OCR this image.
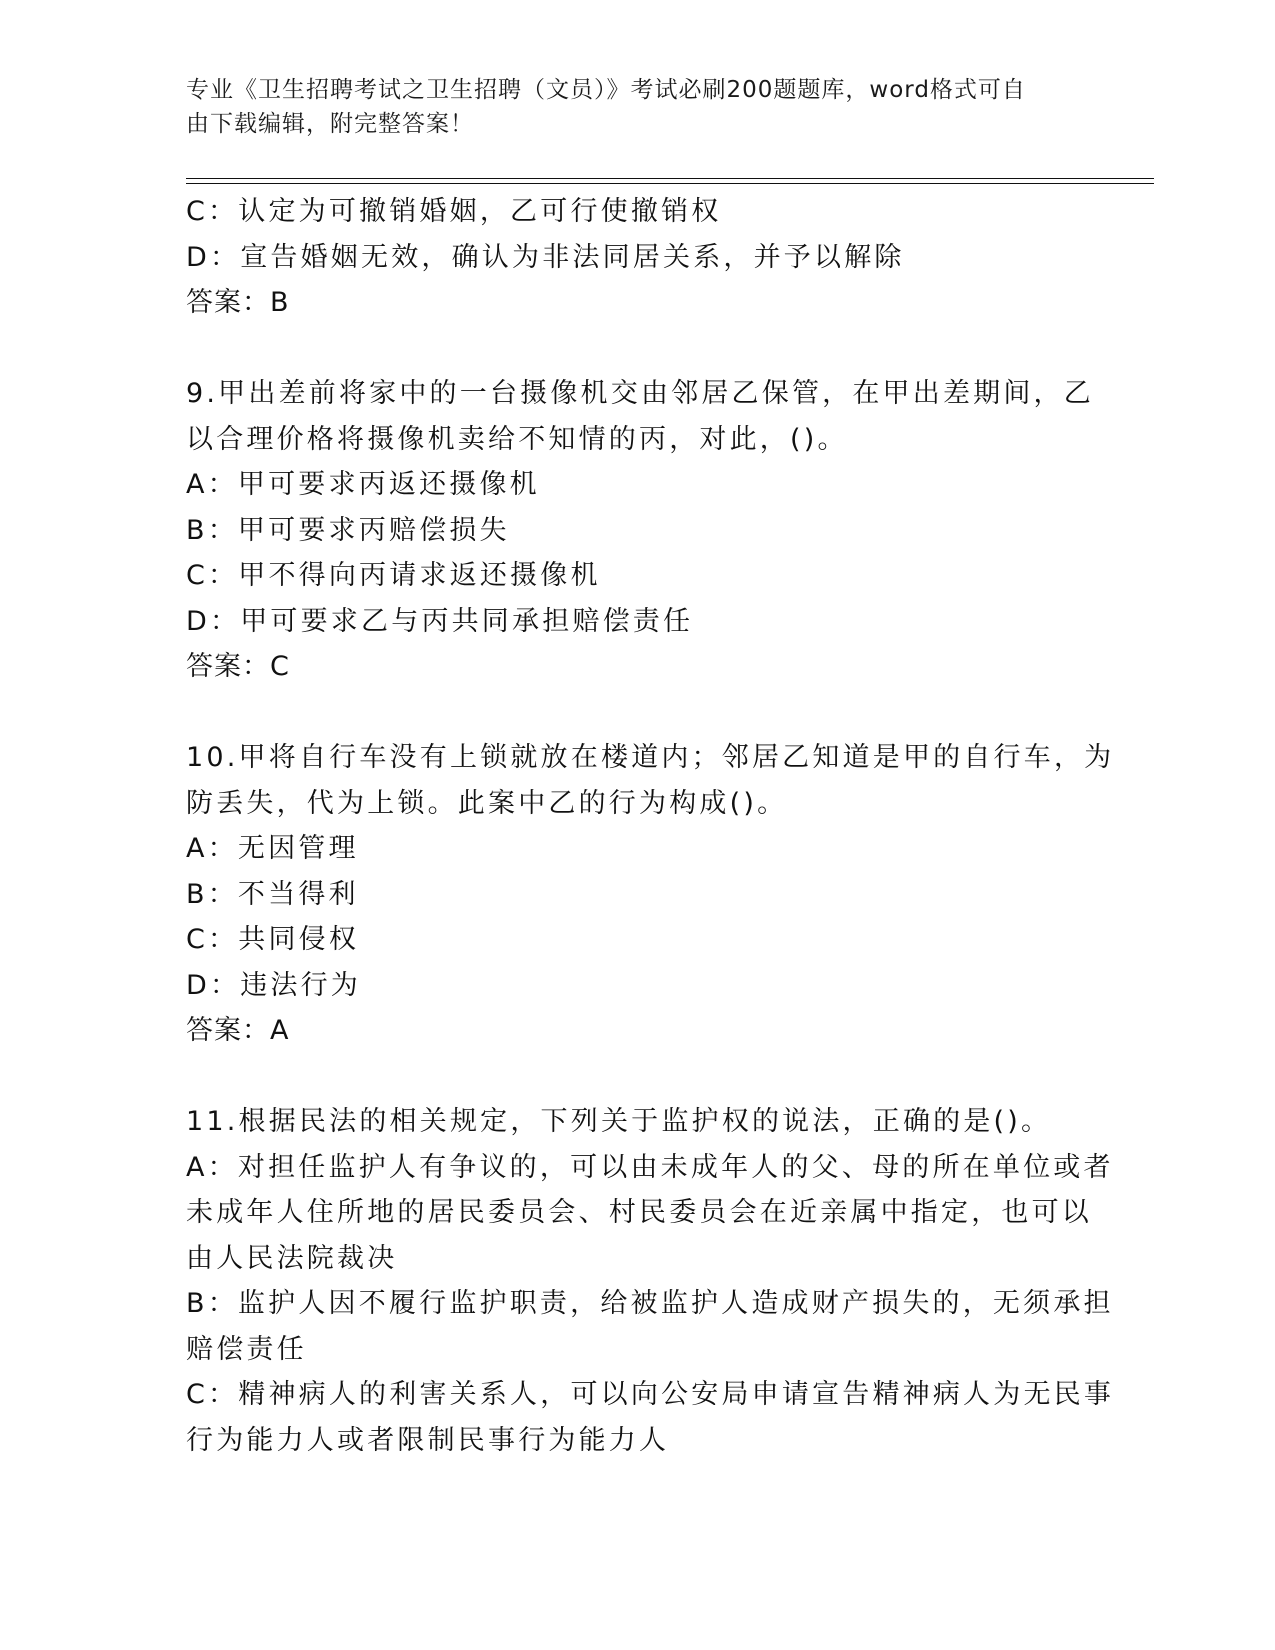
专业《卫生招聘考试之卫生招聘（文员）》考试必刷200题题库，word格式可自
由下载编辑，附完整答案！
C：认定为可撤销婚姻，乙可行使撤销权
D：宣告婚姻无效，确认为非法同居关系，并予以解除
答案：B
9.甲出差前将家中的一台摄像机交由邻居乙保管，在甲出差期间，乙
以合理价格将摄像机卖给不知情的丙，对此，()。
A：甲可要求丙返还摄像机
B：甲可要求丙赔偿损失
C：甲不得向丙请求返还摄像机
D：甲可要求乙与丙共同承担赔偿责任
答案：C
10.甲将自行车没有上锁就放在楼道内；邻居乙知道是甲的自行车，为
防丢失，代为上锁。此案中乙的行为构成()。
A：无因管理
B：不当得利
C：共同侵权
D：违法行为
答案：A
11.根据民法的相关规定，下列关于监护权的说法，正确的是()。
A：对担任监护人有争议的，可以由未成年人的父、母的所在单位或者
未成年人住所地的居民委员会、村民委员会在近亲属中指定，也可以
由人民法院裁决
B：监护人因不履行监护职责，给被监护人造成财产损失的，无须承担
赔偿责任
C：精神病人的利害关系人，可以向公安局申请宣告精神病人为无民事
行为能力人或者限制民事行为能力人
